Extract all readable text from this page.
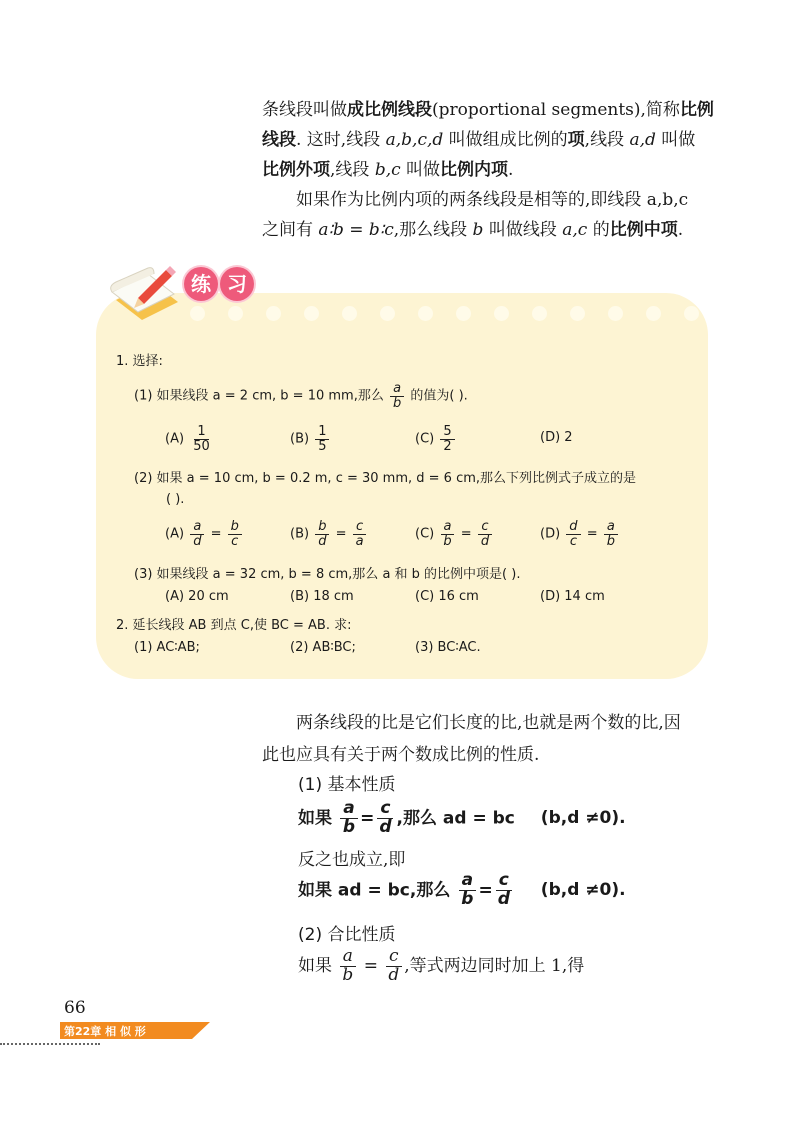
条线段叫做成比例线段(proportional segments),简称比例

线段. 这时,线段 a,b,c,d 叫做组成比例的项,线段 a,d 叫做

比例外项,线段 b,c 叫做比例内项.

如果作为比例内项的两条线段是相等的,即线段 a,b,c

之间有 a∶b = b∶c,那么线段 b 叫做线段 a,c 的比例中项.

练 习
1. 选择:
(1) 如果线段 a = 2 cm, b = 10 mm,那么 $\frac{a}{b}$ 的值为( ).
$(A) \frac{1}{50}$	$(B) \frac{1}{5}$	$(C) \frac{5}{2}$	(D) 2
(2) 如果 a = 10 cm, b = 0.2 m, c = 30 mm, d = 6 cm,那么下列比例式子成立的是
( ).
$(A) \frac{a}{d} = \frac{b}{c}$	$(B) \frac{b}{d} = \frac{c}{a}$	$(C) \frac{a}{b} = \frac{c}{d}$	$(D) \frac{d}{c} = \frac{a}{b}$
(3) 如果线段 a = 32 cm, b = 8 cm,那么 a 和 b 的比例中项是( ).
(A) 20 cm	(B) 18 cm	(C) 16 cm	(D) 14 cm
2. 延长线段 AB 到点 C,使 BC = AB. 求:
(1) AC∶AB;	(2) AB∶BC;	(3) BC∶AC.
两条线段的比是它们长度的比,也就是两个数的比,因
此也应具有关于两个数成比例的性质.
(1) 基本性质
如果 $\frac{a}{b} = \frac{c}{d}$ ,那么 ad = bc (b,d ≠0).
反之也成立,即
如果 ad = bc,那么 $\frac{a}{b} = \frac{c}{d} (b,d \ne 0)$.
(2) 合比性质
如果 $\frac{a}{b} = \frac{c}{d}$ ,等式两边同时加上 1,得
66
第22章 相 似 形
